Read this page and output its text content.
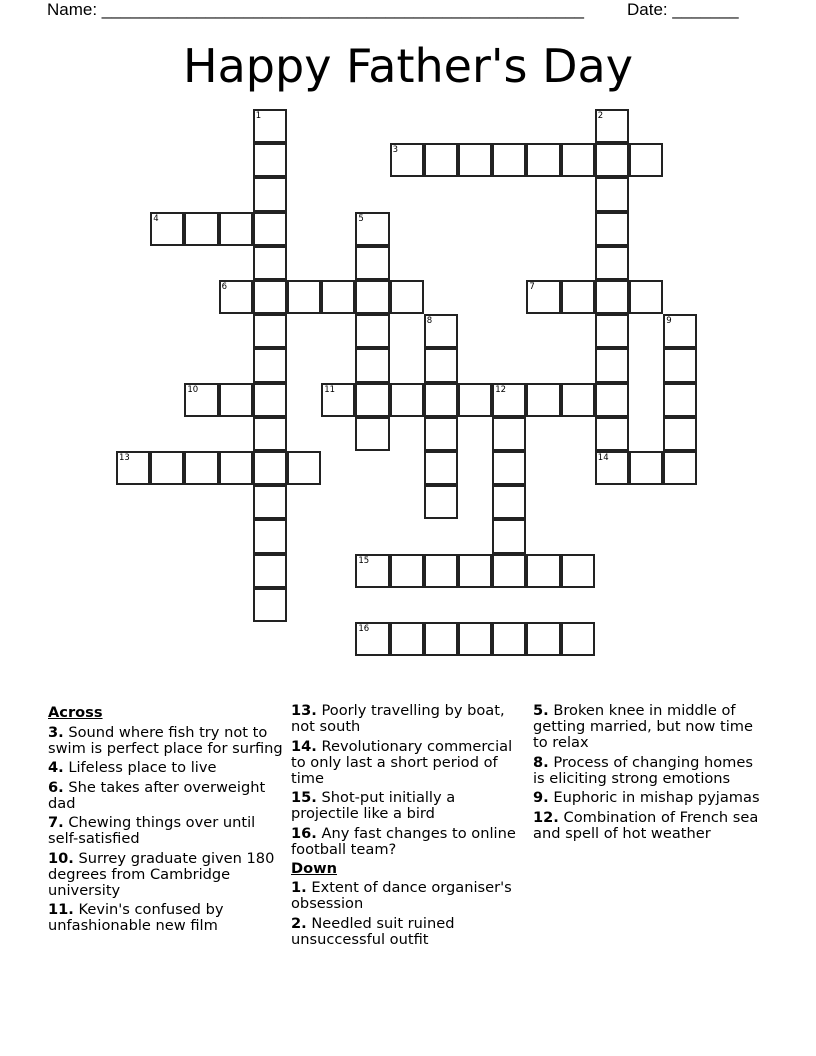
Name: ___________________________________________________	Date: _______
Happy Father's Day
1	2
14
3
4	5
6	7
8	9
10	11	12
13
15
16
Across
3. Sound where fish try not to swim is perfect place for surfing
4. Lifeless place to live
6. She takes after overweight dad
7. Chewing things over until self-satisfied
10. Surrey graduate given 180 degrees from Cambridge university
11. Kevin's confused by unfashionable new film
13. Poorly travelling by boat, not south
14. Revolutionary commercial to only last a short period of time
15. Shot-put initially a projectile like a bird
16. Any fast changes to online football team?
Down
1. Extent of dance organiser's obsession
2. Needled suit ruined unsuccessful outfit
5. Broken knee in middle of getting married, but now time to relax
8. Process of changing homes is eliciting strong emotions
9. Euphoric in mishap pyjamas
12. Combination of French sea and spell of hot weather
